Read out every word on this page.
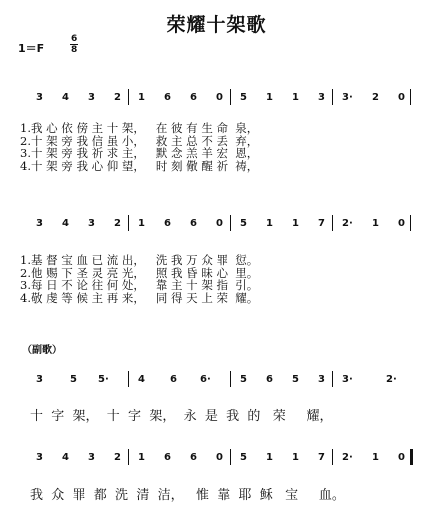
荣耀十架歌
1＝F	$\frac{6}{8}$
3 4 3 2 1 6 6 0 5 1 1 3 3· 2 0
1.我 心 依 傍 主 十 架，   在 彼 有 生 命  泉，
2.十 架 旁 我 信 虽 小，   救 主 总 不 丢  弃，
3.十 架 旁 我 祈 求 主，   默 念 羔 羊 宏  恩，
4.十 架 旁 我 心 仰 望，   时 刻 儆 醒 祈  祷，
3 4 3 2 1 6 6 0 5 1 1 7 2· 1 0
1.基 督 宝 血 已 流 出，   洗 我 万 众 罪  愆。
2.他 赐 下 圣 灵 亮 光，   照 我 昏 昧 心  里。
3.每 日 不 论 往 何 处，   靠 主 十 架 指  引。
4.敬 虔 等 候 主 再 来，   同 得 天 上 荣  耀。
（副歌）
3	5 5·	4	6 6·	5 6 5 3 3·	2·
十  字  架，  十  字  架，  永  是  我  的   荣     耀，
3 4 3 2 1 6 6 0 5 1 1 7 2· 1 0
我  众  罪  都  洗  清  洁，   惟  靠  耶  稣   宝     血。
